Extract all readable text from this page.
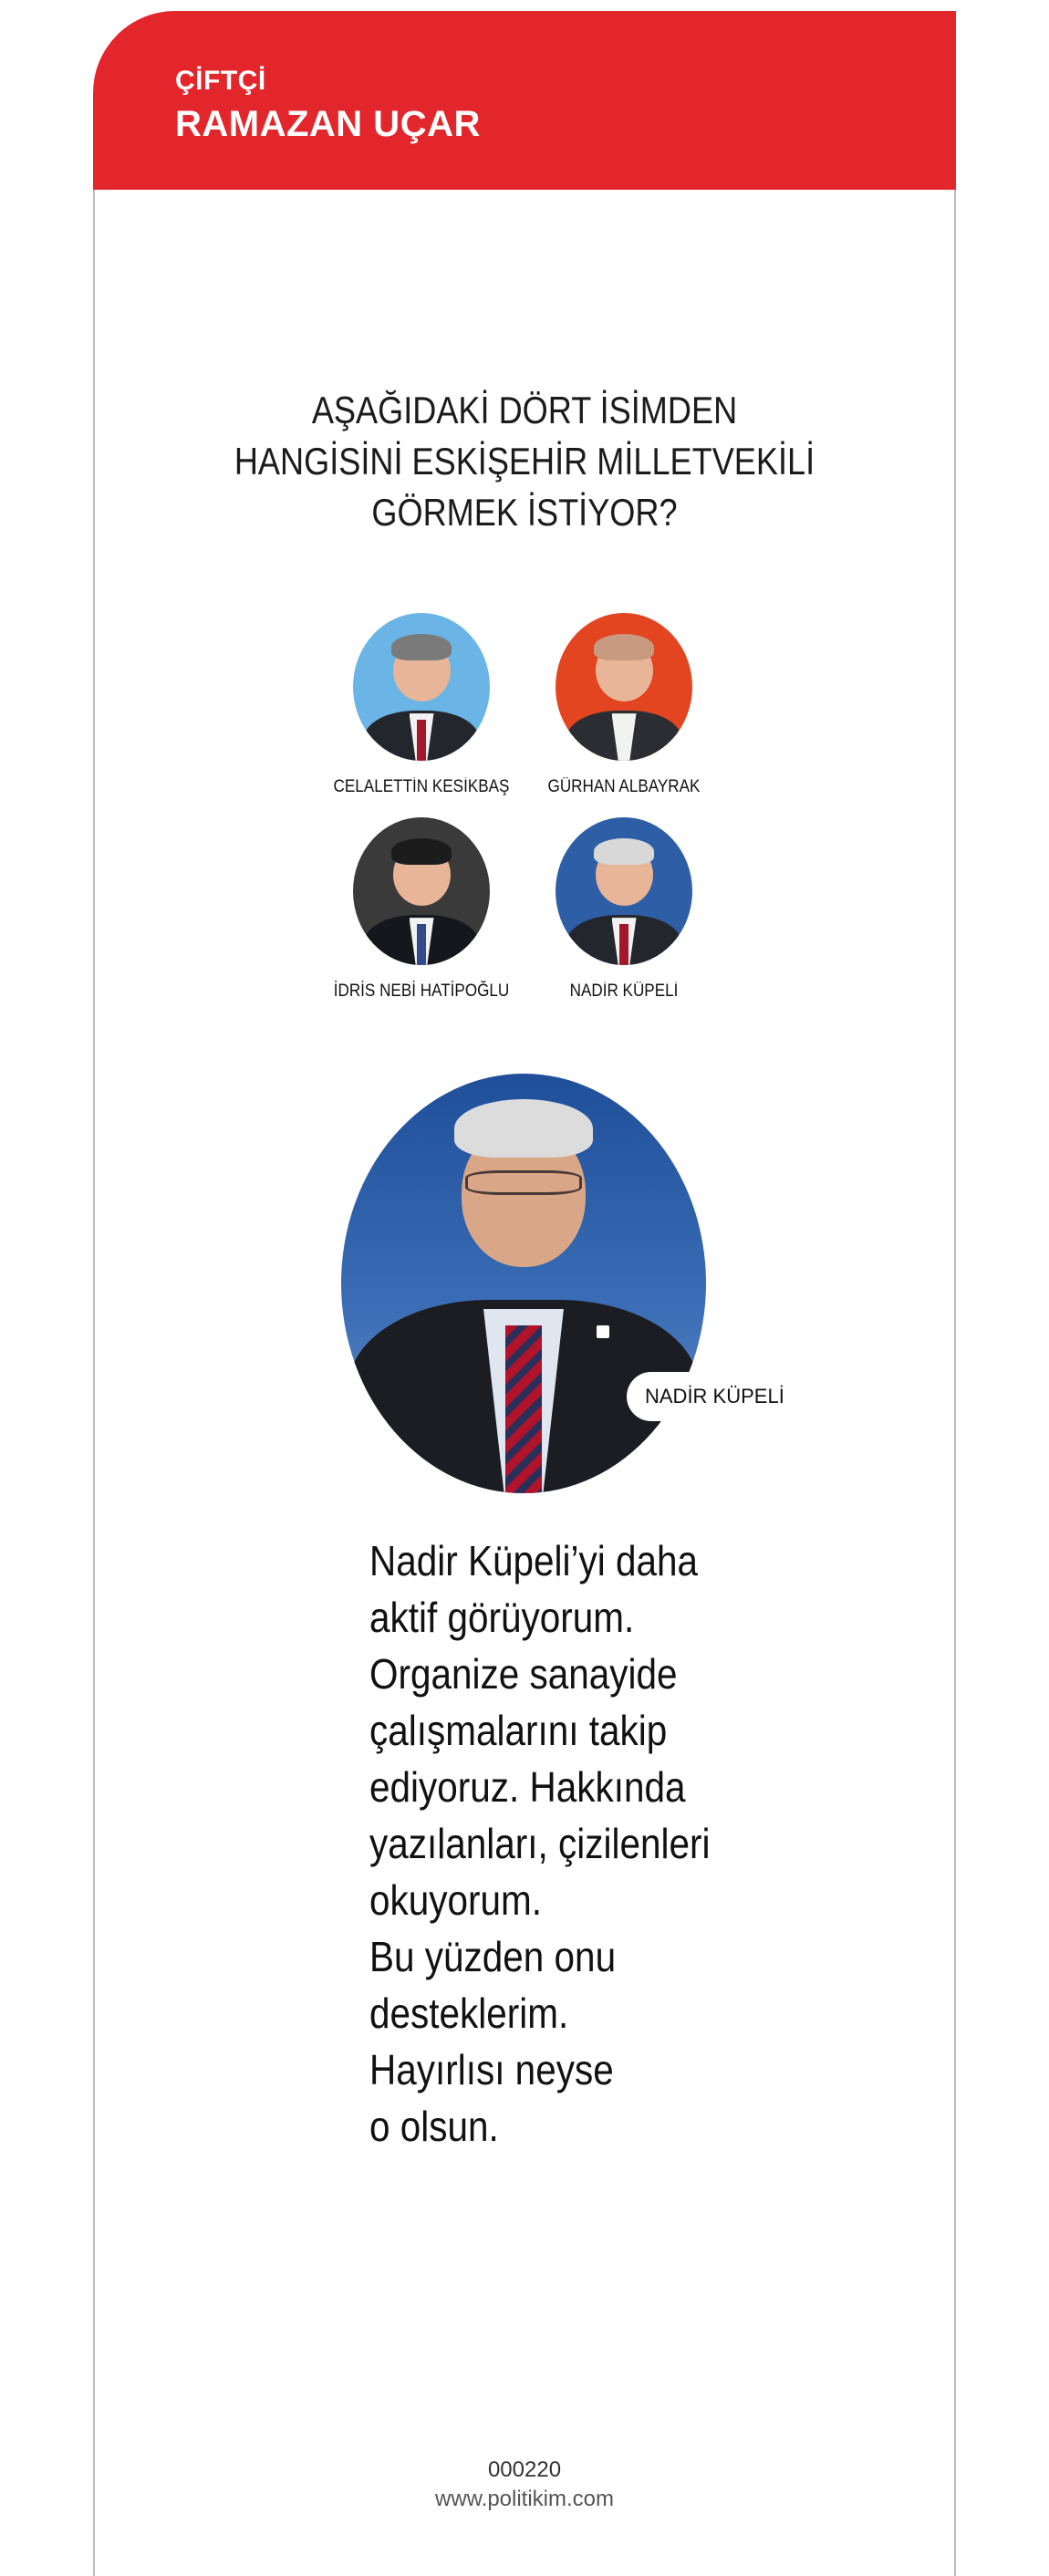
ÇİFTÇİ
RAMAZAN UÇAR
AŞAĞIDAKİ DÖRT İSİMDEN
HANGİSİNİ ESKİŞEHİR MİLLETVEKİLİ
GÖRMEK İSTİYOR?
CELALETTİN KESİKBAŞ	GÜRHAN ALBAYRAK
İDRİS NEBİ HATİPOĞLU	NADİR KÜPELİ
NADİR KÜPELİ
Nadir Küpeli’yi daha
aktif görüyorum.
Organize sanayide
çalışmalarını takip
ediyoruz. Hakkında
yazılanları, çizilenleri
okuyorum.
Bu yüzden onu
desteklerim.
Hayırlısı neyse
o olsun.
000220
www.politikim.com
